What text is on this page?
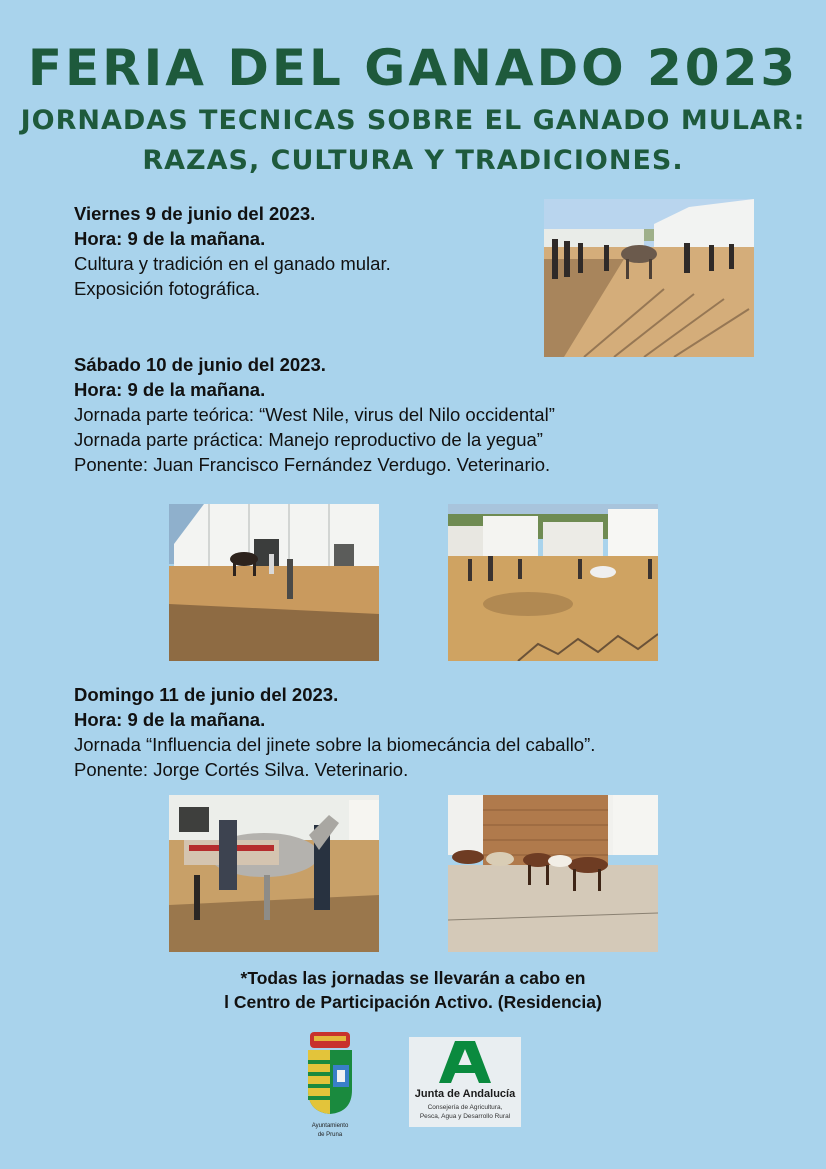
FERIA DEL GANADO 2023
JORNADAS TECNICAS SOBRE EL GANADO MULAR:
RAZAS, CULTURA Y TRADICIONES.
Viernes 9 de junio del 2023.
Hora: 9 de la mañana.
Cultura y tradición en el ganado mular.
Exposición fotográfica.
Sábado 10 de junio del 2023.
Hora: 9 de la mañana.
Jornada parte teórica: “West Nile, virus del Nilo occidental”
Jornada parte práctica: Manejo reproductivo de la yegua”
Ponente: Juan Francisco Fernández Verdugo. Veterinario.
Domingo 11 de junio del 2023.
Hora: 9 de la mañana.
Jornada “Influencia del jinete sobre la biomecáncia del caballo”.
Ponente: Jorge Cortés Silva. Veterinario.
*Todas las jornadas se llevarán a cabo en
l Centro de Participación Activo. (Residencia)
Ayuntamiento
de Pruna
Junta de Andalucía
Consejería de Agricultura,
Pesca, Agua y Desarrollo Rural
